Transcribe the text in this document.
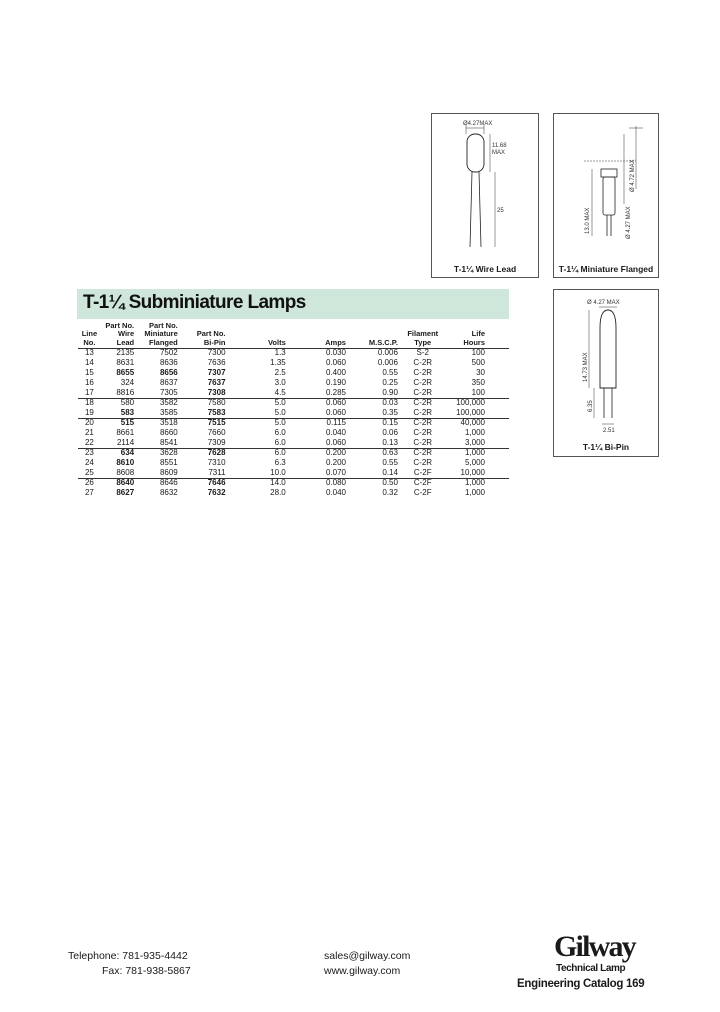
Ø4.27MAX
11.68
MAX
25
T-1¼ Wire Lead
13.0 MAX	Ø 4.27 MAX
Ø 4.72 MAX
T-1¼ Miniature Flanged
T-1¼ Subminiature Lamps	Ø 4.27 MAX
14.73 MAX
6.35
2.51
T-1¼ Bi-Pin
Line
No.	Part No.
Wire
Lead	Part No.
Miniature
Flanged	Part No.
Bi-Pin	Volts	Amps	M.S.C.P.	Filament
Type	Life
Hours
13	2135	7502	7300	1.3	0.030	0.006	S-2	100
14	8631	8636	7636	1.35	0.060	0.006	C-2R	500
15	8655	8656	7307	2.5	0.400	0.55	C-2R	30
16	324	8637	7637	3.0	0.190	0.25	C-2R	350
17	8816	7305	7308	4.5	0.285	0.90	C-2R	100
18	580	3582	7580	5.0	0.060	0.03	C-2R	100,000
19	583	3585	7583	5.0	0.060	0.35	C-2R	100,000
20	515	3518	7515	5.0	0.115	0.15	C-2R	40,000
21	8661	8660	7660	6.0	0.040	0.06	C-2R	1,000
22	2114	8541	7309	6.0	0.060	0.13	C-2R	3,000
23	634	3628	7628	6.0	0.200	0.63	C-2R	1,000
24	8610	8551	7310	6.3	0.200	0.55	C-2R	5,000
25	8608	8609	7311	10.0	0.070	0.14	C-2F	10,000
26	8640	8646	7646	14.0	0.080	0.50	C-2F	1,000
27	8627	8632	7632	28.0	0.040	0.32	C-2F	1,000
Telephone: 781-935-4442
Fax: 781-938-5867
sales@gilway.com
www.gilway.com
Gilway
Technical Lamp
Engineering Catalog 169
